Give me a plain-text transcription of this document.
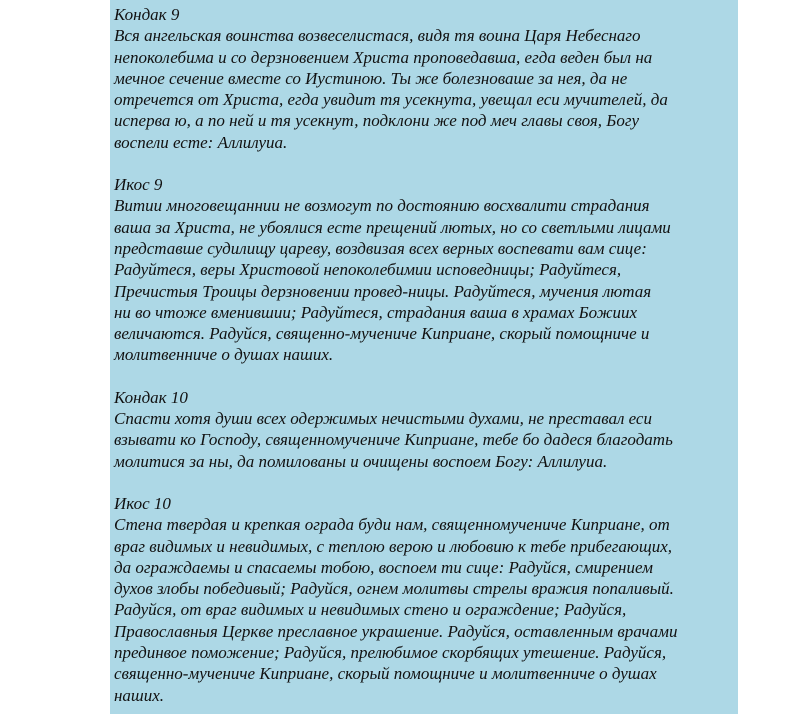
Кондак 9
Вся ангельская воинства возвеселистася, видя тя воина Царя Небеснаго
непоколебима и со дерзновением Христа проповедавша, егда веден был на
мечное сечение вместе со Иустиною. Ты же болезноваше за нея, да не
отречется от Христа, егда увидит тя усекнута, увещал еси мучителей, да
исперва ю, а по ней и тя усекнут, подклони же под меч главы своя, Богу
воспели есте: Аллилуиа.
Икос 9
Витии многовещаннии не возмогут по достоянию восхвалити страдания
ваша за Христа, не убоялися есте прещений лютых, но со светлыми лицами
представше судилищу цареву, воздвизая всех верных воспевати вам сице:
Радуйтеся, веры Христовой непоколебимии исповедницы; Радуйтеся,
Пречистыя Троицы дерзновении провед-ницы. Радуйтеся, мучения лютая
ни во чтоже вменившии; Радуйтеся, страдания ваша в храмах Божиих
величаются. Радуйся, священно-мучениче Киприане, скорый помощниче и
молитвенниче о душах наших.
Кондак 10
Спасти хотя души всех одержимых нечистыми духами, не преставал еси
взывати ко Господу, священномучениче Киприане, тебе бо дадеся благодать
молитися за ны, да помилованы и очищены воспоем Богу: Аллилуиа.
Икос 10
Стена твердая и крепкая ограда буди нам, священномучениче Киприане, от
враг видимых и невидимых, с теплою верою и любовию к тебе прибегающих,
да ограждаемы и спасаемы тобою, воспоем ти сице: Радуйся, смирением
духов злобы победивый; Радуйся, огнем молитвы стрелы вражия попаливый.
Радуйся, от враг видимых и невидимых стено и ограждение; Радуйся,
Православныя Церкве преславное украшение. Радуйся, оставленным врачами
прединвое поможение; Радуйся, прелюбимое скорбящих утешение. Радуйся,
священно-мучениче Киприане, скорый помощниче и молитвенниче о душах
наших.
